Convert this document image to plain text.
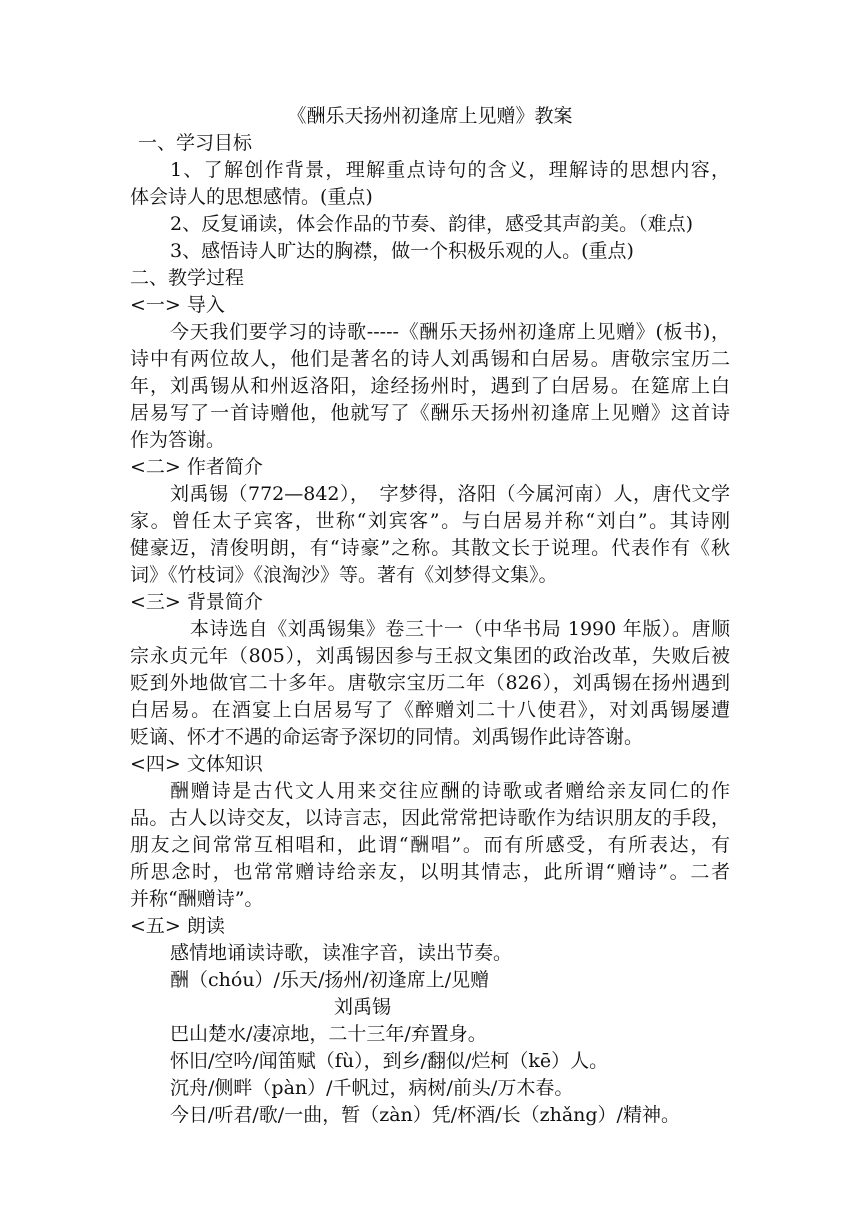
《酬乐天扬州初逢席上见赠》教案
一、学习目标
1、了解创作背景，理解重点诗句的含义，理解诗的思想内容，
体会诗人的思想感情。(重点)
2、反复诵读，体会作品的节奏、韵律，感受其声韵美。（难点)
3、感悟诗人旷达的胸襟，做一个积极乐观的人。(重点)
二、教学过程
<一> 导入
今天我们要学习的诗歌-----《酬乐天扬州初逢席上见赠》(板书)，
诗中有两位故人，他们是著名的诗人刘禹锡和白居易。唐敬宗宝历二
年，刘禹锡从和州返洛阳，途经扬州时，遇到了白居易。在筵席上白
居易写了一首诗赠他，他就写了《酬乐天扬州初逢席上见赠》这首诗
作为答谢。
<二> 作者简介
刘禹锡（772—842），　字梦得，洛阳（今属河南）人，唐代文学
家。曾任太子宾客，世称“刘宾客”。与白居易并称“刘白”。其诗刚
健豪迈，清俊明朗，有“诗豪”之称。其散文长于说理。代表作有《秋
词》《竹枝词》《浪淘沙》等。著有《刘梦得文集》。
<三> 背景简介
本诗选自《刘禹锡集》卷三十一（中华书局 1990 年版）。唐顺
宗永贞元年（805），刘禹锡因参与王叔文集团的政治改革，失败后被
贬到外地做官二十多年。唐敬宗宝历二年（826），刘禹锡在扬州遇到
白居易。在酒宴上白居易写了《醉赠刘二十八使君》，对刘禹锡屡遭
贬谪、怀才不遇的命运寄予深切的同情。刘禹锡作此诗答谢。
<四> 文体知识
酬赠诗是古代文人用来交往应酬的诗歌或者赠给亲友同仁的作
品。古人以诗交友，以诗言志，因此常常把诗歌作为结识朋友的手段，
朋友之间常常互相唱和，此谓“酬唱”。而有所感受，有所表达，有
所思念时，也常常赠诗给亲友，以明其情志，此所谓“赠诗”。二者
并称“酬赠诗”。
<五> 朗读
感情地诵读诗歌，读准字音，读出节奏。
酬（chóu）/乐天/扬州/初逢席上/见赠
刘禹锡
巴山楚水/凄凉地，二十三年/弃置身。
怀旧/空吟/闻笛赋（fù），到乡/翻似/烂柯（kē）人。
沉舟/侧畔（pàn）/千帆过，病树/前头/万木春。
今日/听君/歌/一曲，暂（zàn）凭/杯酒/长（zhǎng）/精神。
